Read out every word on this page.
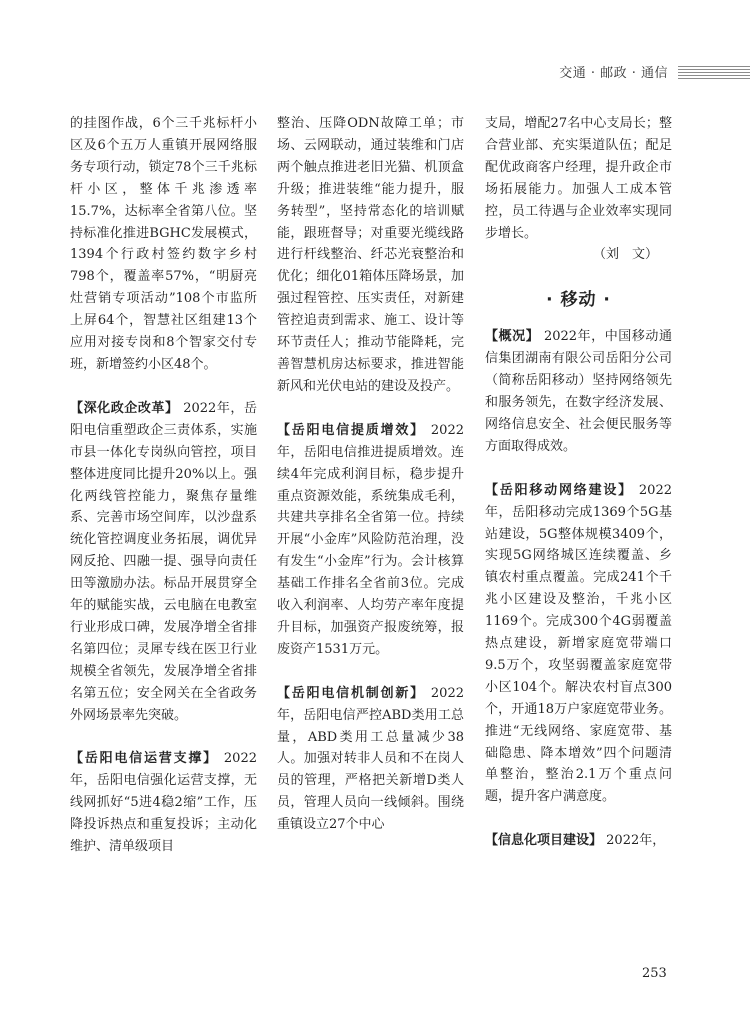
交通 · 邮政 · 通信

的挂图作战，6个三千兆标杆小区及6个五万人重镇开展网络服务专项行动，锁定78个三千兆标杆小区，整体千兆渗透率15.7%，达标率全省第八位。坚持标准化推进BGHC发展模式，1394个行政村签约数字乡村798个，覆盖率57%，“明厨亮灶营销专项活动”108个市监所上屏64个，智慧社区组建13个应用对接专岗和8个智家交付专班，新增签约小区48个。

【深化政企改革】 2022年，岳阳电信重塑政企三责体系，实施市县一体化专岗纵向管控，项目整体进度同比提升20%以上。强化两线管控能力，聚焦存量维系、完善市场空间库，以沙盘系统化管控调度业务拓展，调优异网反抢、四融一提、强导向责任田等激励办法。标品开展贯穿全年的赋能实战，云电脑在电教室行业形成口碑，发展净增全省排名第四位；灵犀专线在医卫行业规模全省领先，发展净增全省排名第五位；安全网关在全省政务外网场景率先突破。

【岳阳电信运营支撑】 2022年，岳阳电信强化运营支撑，无线网抓好“5进4稳2缩”工作，压降投诉热点和重复投诉；主动化维护、清单级项目

整治、压降ODN故障工单；市场、云网联动，通过装维和门店两个触点推进老旧光猫、机顶盒升级；推进装维“能力提升，服务转型”，坚持常态化的培训赋能，跟班督导；对重要光缆线路进行杆线整治、纤芯光衰整治和优化；细化01箱体压降场景，加强过程管控、压实责任，对新建管控追责到需求、施工、设计等环节责任人；推动节能降耗，完善智慧机房达标要求，推进智能新风和光伏电站的建设及投产。

【岳阳电信提质增效】 2022年，岳阳电信推进提质增效。连续4年完成利润目标，稳步提升重点资源效能，系统集成毛利，共建共享排名全省第一位。持续开展“小金库”风险防范治理，没有发生“小金库”行为。会计核算基础工作排名全省前3位。完成收入利润率、人均劳产率年度提升目标，加强资产报废统筹，报废资产1531万元。

【岳阳电信机制创新】 2022年，岳阳电信严控ABD类用工总量，ABD类用工总量减少38人。加强对转非人员和不在岗人员的管理，严格把关新增D类人员，管理人员向一线倾斜。围绕重镇设立27个中心

支局，增配27名中心支局长；整合营业部、充实渠道队伍；配足配优政商客户经理，提升政企市场拓展能力。加强人工成本管控，员工待遇与企业效率实现同步增长。

（刘　文）
· 移动 ·

【概况】 2022年，中国移动通信集团湖南有限公司岳阳分公司（简称岳阳移动）坚持网络领先和服务领先，在数字经济发展、网络信息安全、社会便民服务等方面取得成效。

【岳阳移动网络建设】 2022年，岳阳移动完成1369个5G基站建设，5G整体规模3409个，实现5G网络城区连续覆盖、乡镇农村重点覆盖。完成241个千兆小区建设及整治，千兆小区1169个。完成300个4G弱覆盖热点建设，新增家庭宽带端口9.5万个，攻坚弱覆盖家庭宽带小区104个。解决农村盲点300个，开通18万户家庭宽带业务。推进“无线网络、家庭宽带、基础隐患、降本增效”四个问题清单整治，整治2.1万个重点问题，提升客户满意度。

【信息化项目建设】 2022年，

253
